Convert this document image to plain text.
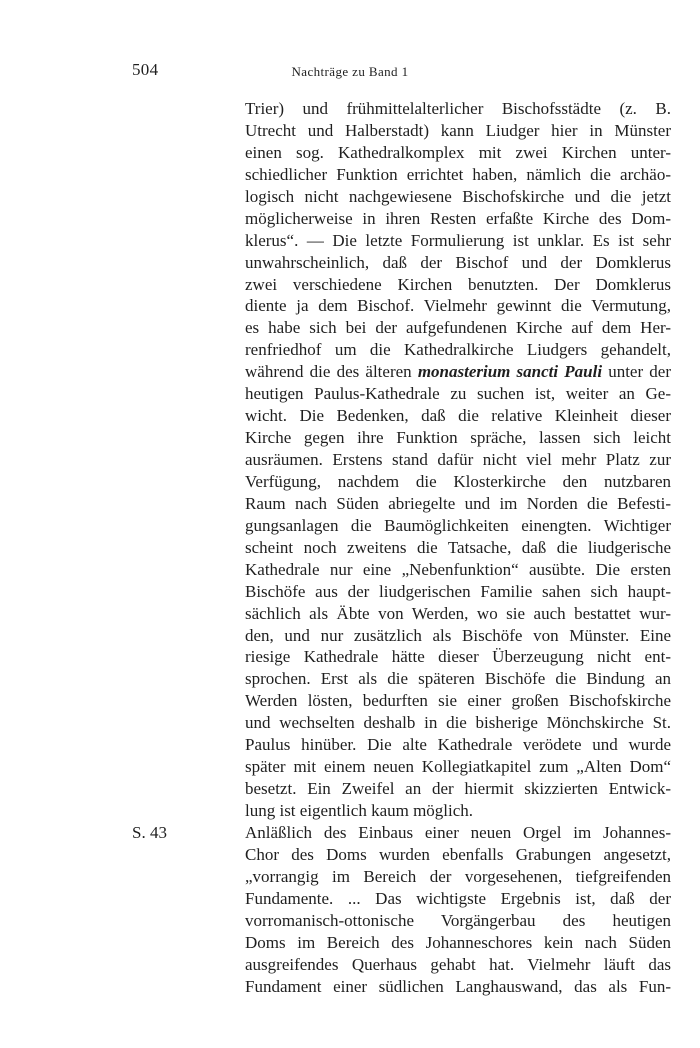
504	Nachträge zu Band 1
Trier) und frühmittelalterlicher Bischofsstädte (z. B.
Utrecht und Halberstadt) kann Liudger hier in Münster
einen sog. Kathedralkomplex mit zwei Kirchen unter-
schiedlicher Funktion errichtet haben, nämlich die archäo-
logisch nicht nachgewiesene Bischofskirche und die jetzt
möglicherweise in ihren Resten erfaßte Kirche des Dom-
klerus“. — Die letzte Formulierung ist unklar. Es ist sehr
unwahrscheinlich, daß der Bischof und der Domklerus
zwei verschiedene Kirchen benutzten. Der Domklerus
diente ja dem Bischof. Vielmehr gewinnt die Vermutung,
es habe sich bei der aufgefundenen Kirche auf dem Her-
renfriedhof um die Kathedralkirche Liudgers gehandelt,
während die des älteren monasterium sancti Pauli unter der
heutigen Paulus-Kathedrale zu suchen ist, weiter an Ge-
wicht. Die Bedenken, daß die relative Kleinheit dieser
Kirche gegen ihre Funktion spräche, lassen sich leicht
ausräumen. Erstens stand dafür nicht viel mehr Platz zur
Verfügung, nachdem die Klosterkirche den nutzbaren
Raum nach Süden abriegelte und im Norden die Befesti-
gungsanlagen die Baumöglichkeiten einengten. Wichtiger
scheint noch zweitens die Tatsache, daß die liudgerische
Kathedrale nur eine „Nebenfunktion“ ausübte. Die ersten
Bischöfe aus der liudgerischen Familie sahen sich haupt-
sächlich als Äbte von Werden, wo sie auch bestattet wur-
den, und nur zusätzlich als Bischöfe von Münster. Eine
riesige Kathedrale hätte dieser Überzeugung nicht ent-
sprochen. Erst als die späteren Bischöfe die Bindung an
Werden lösten, bedurften sie einer großen Bischofskirche
und wechselten deshalb in die bisherige Mönchskirche St.
Paulus hinüber. Die alte Kathedrale verödete und wurde
später mit einem neuen Kollegiatkapitel zum „Alten Dom“
besetzt. Ein Zweifel an der hiermit skizzierten Entwick-
lung ist eigentlich kaum möglich.
Anläßlich des Einbaus einer neuen Orgel im Johannes-
Chor des Doms wurden ebenfalls Grabungen angesetzt,
„vorrangig im Bereich der vorgesehenen, tiefgreifenden
Fundamente. ... Das wichtigste Ergebnis ist, daß der
vorromanisch-ottonische Vorgängerbau des heutigen
Doms im Bereich des Johanneschores kein nach Süden
ausgreifendes Querhaus gehabt hat. Vielmehr läuft das
Fundament einer südlichen Langhauswand, das als Fun-
S. 43
